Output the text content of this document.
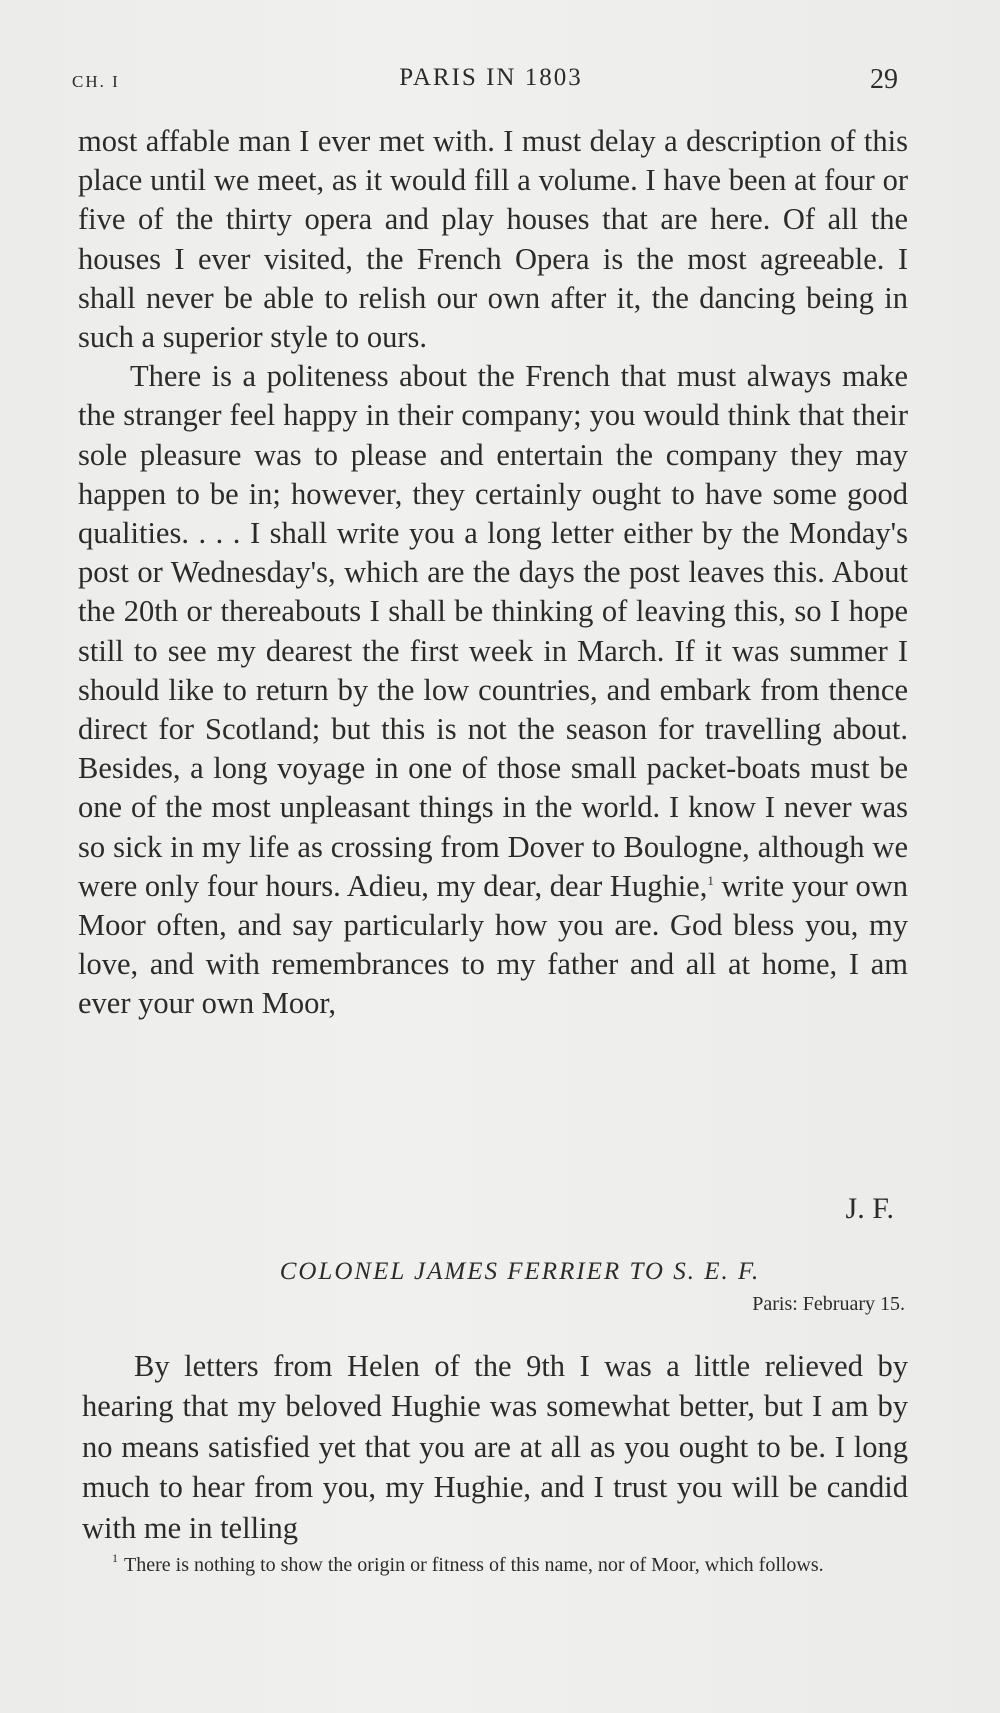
CH. I	PARIS IN 1803	29

most affable man I ever met with. I must delay a description of this place until we meet, as it would fill a volume. I have been at four or five of the thirty opera and play houses that are here. Of all the houses I ever visited, the French Opera is the most agreeable. I shall never be able to relish our own after it, the dancing being in such a superior style to ours.

There is a politeness about the French that must always make the stranger feel happy in their company; you would think that their sole pleasure was to please and entertain the company they may happen to be in; however, they certainly ought to have some good qualities. . . . I shall write you a long letter either by the Monday's post or Wednesday's, which are the days the post leaves this. About the 20th or thereabouts I shall be thinking of leaving this, so I hope still to see my dearest the first week in March. If it was summer I should like to return by the low countries, and embark from thence direct for Scotland; but this is not the season for travelling about. Besides, a long voyage in one of those small packet-boats must be one of the most unpleasant things in the world. I know I never was so sick in my life as crossing from Dover to Boulogne, although we were only four hours. Adieu, my dear, dear Hughie,$^1$ write your own Moor often, and say particularly how you are. God bless you, my love, and with remembrances to my father and all at home, I am ever your own Moor,

J. F.
COLONEL JAMES FERRIER TO S. E. F.
Paris: February 15.

By letters from Helen of the 9th I was a little relieved by hearing that my beloved Hughie was somewhat better, but I am by no means satisfied yet that you are at all as you ought to be. I long much to hear from you, my Hughie, and I trust you will be candid with me in telling

$^1$ There is nothing to show the origin or fitness of this name, nor of Moor, which follows.
